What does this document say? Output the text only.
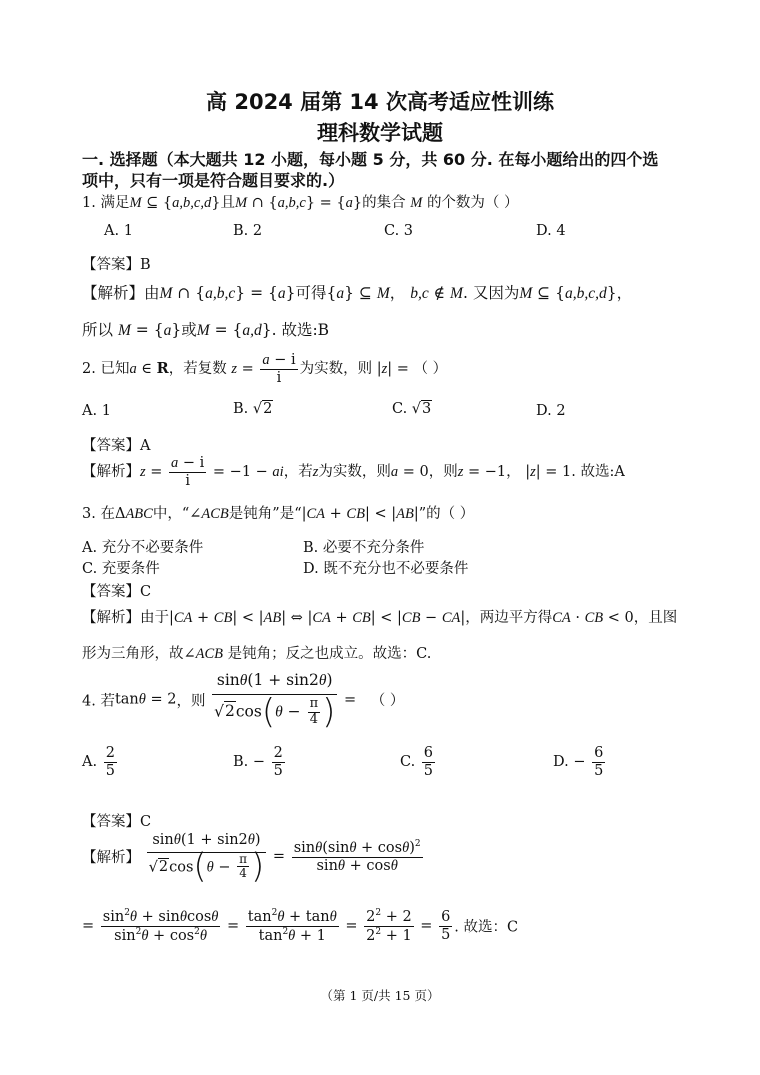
高 2024 届第 14 次高考适应性训练
理科数学试题
一. 选择题（本大题共 12 小题，每小题 5 分，共 60 分. 在每小题给出的四个选
项中，只有一项是符合题目要求的.）
1. 满足M ⊆ {a,b,c,d}且M ∩ {a,b,c} = {a}的集合 M 的个数为（ ）
A. 1	B. 2	C. 3	D. 4
【答案】B
【解析】由M ∩ {a,b,c} = {a}可得{a} ⊆ M， b,c ∉ M. 又因为M ⊆ {a,b,c,d}，
所以 M = {a}或M = {a,d}. 故选:B
2. 已知a ∈ R，若复数 $z = \frac{a - i}{i}$ 为实数，则 |z| = （ ）
A. 1	B. √2	C. √3	D. 2
【答案】A
【解析】$z = \frac{a - i}{i} = -1$ − ai，若z为实数，则a = 0，则z = −1， |z| = 1. 故选:A
3. 在ΔABC中，“∠ACB是钝角”是“|CA + CB| < |AB|”的（ ）
A. 充分不必要条件	B. 必要不充分条件
C. 充要条件	D. 既不充分也不必要条件
【答案】C
【解析】由于|CA + CB| < |AB| ⇔ |CA + CB| < |CB − CA|，两边平方得CA · CB < 0，且图
形为三角形，故∠ACB 是钝角；反之也成立。故选：C.
4. 若tanθ = 2，则 $\frac{\sin\theta(1 + \sin 2\theta)}{√2\cos(\theta - \frac{\pi}{4} )}$ = （ ）
A. $\frac{2}{5}$	B. − $\frac{2}{5}$	C. $\frac{6}{5}$	D. − $\frac{6}{5}$
【答案】C
【解析】 $\frac{\sin\theta(1 + \sin 2\theta)}{√2\cos(\theta - \frac{\pi}{4} )} = \frac{\sin\theta(\sin\theta + \cos\theta)^2}{\sin\theta + \cos\theta}$
= $\frac{\sin^2\theta + \sin\theta\cos\theta}{\sin^2\theta + \cos^2\theta} = \frac{\tan^2\theta + \tan\theta}{\tan^2\theta + 1} = \frac{2^2 + 2}{2^2 + 1} = \frac{6}{5}$ . 故选：C
（第 1 页/共 15 页）
